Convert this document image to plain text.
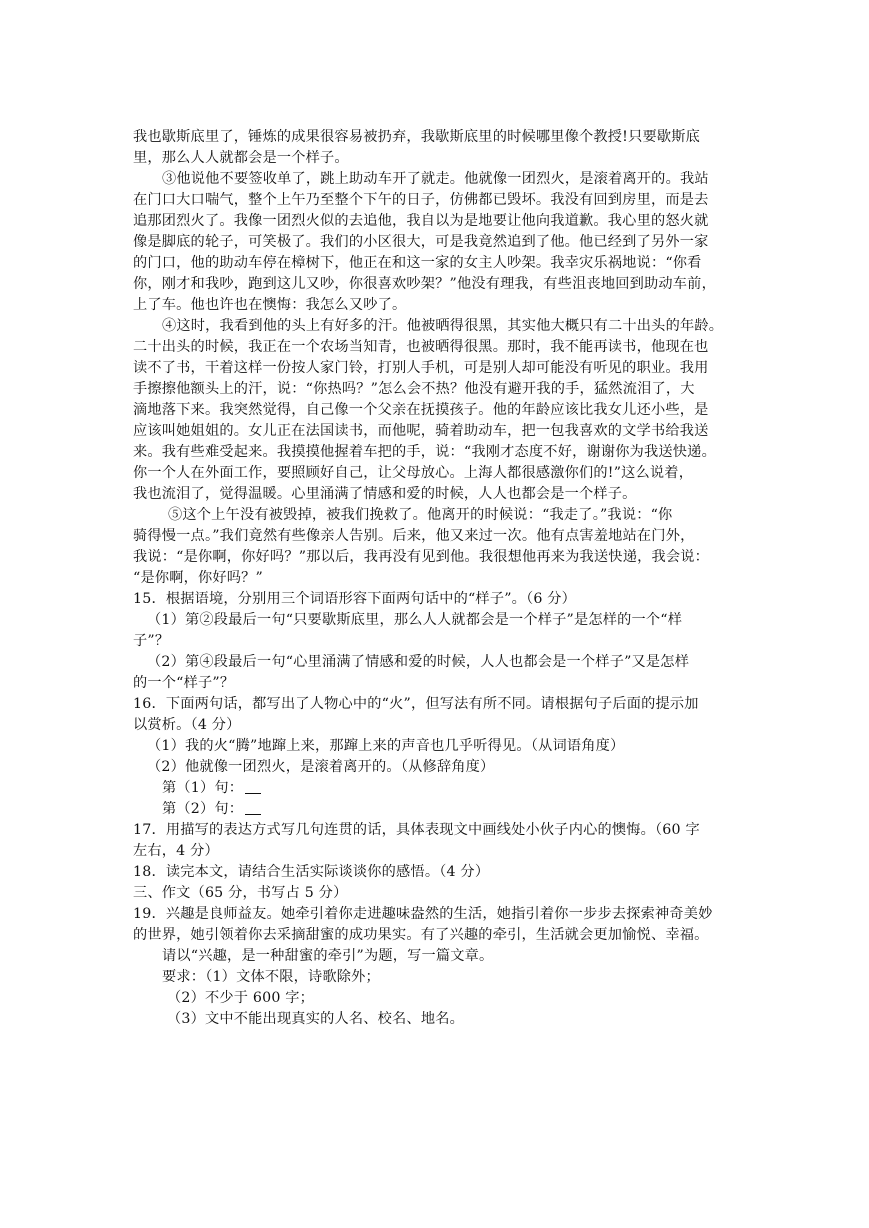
我也歇斯底里了，锤炼的成果很容易被扔弃，我歇斯底里的时候哪里像个教授!只要歇斯底
里，那么人人就都会是一个样子。
③他说他不要签收单了，跳上助动车开了就走。他就像一团烈火，是滚着离开的。我站
在门口大口喘气，整个上午乃至整个下午的日子，仿佛都已毁坏。我没有回到房里，而是去
追那团烈火了。我像一团烈火似的去追他，我自以为是地要让他向我道歉。我心里的怒火就
像是脚底的轮子，可笑极了。我们的小区很大，可是我竟然追到了他。他已经到了另外一家
的门口，他的助动车停在樟树下，他正在和这一家的女主人吵架。我幸灾乐祸地说：“你看
你，刚才和我吵，跑到这儿又吵，你很喜欢吵架？”他没有理我，有些沮丧地回到助动车前，
上了车。他也许也在懊悔：我怎么又吵了。
④这时，我看到他的头上有好多的汗。他被晒得很黑，其实他大概只有二十出头的年龄。
二十出头的时候，我正在一个农场当知青，也被晒得很黑。那时，我不能再读书，他现在也
读不了书，干着这样一份按人家门铃，打别人手机，可是别人却可能没有听见的职业。我用
手擦擦他额头上的汗，说：“你热吗？”怎么会不热？他没有避开我的手，猛然流泪了，大
滴地落下来。我突然觉得，自己像一个父亲在抚摸孩子。他的年龄应该比我女儿还小些，是
应该叫她姐姐的。女儿正在法国读书，而他呢，骑着助动车，把一包我喜欢的文学书给我送
来。我有些难受起来。我摸摸他握着车把的手，说：“我刚才态度不好，谢谢你为我送快递。
你一个人在外面工作，要照顾好自己，让父母放心。上海人都很感激你们的!”这么说着，
我也流泪了，觉得温暖。心里涌满了情感和爱的时候，人人也都会是一个样子。
⑤这个上午没有被毁掉，被我们挽救了。他离开的时候说：“我走了。”我说：“你
骑得慢一点。”我们竟然有些像亲人告别。后来，他又来过一次。他有点害羞地站在门外，
我说：“是你啊，你好吗？”那以后，我再没有见到他。我很想他再来为我送快递，我会说：
“是你啊，你好吗？”
15．根据语境，分别用三个词语形容下面两句话中的“样子”。（6 分）
（1）第②段最后一句“只要歇斯底里，那么人人就都会是一个样子”是怎样的一个“样
子”？
（2）第④段最后一句“心里涌满了情感和爱的时候，人人也都会是一个样子”又是怎样
的一个“样子”？
16．下面两句话，都写出了人物心中的“火”，但写法有所不同。请根据句子后面的提示加
以赏析。（4 分）
（1）我的火“腾”地蹿上来，那蹿上来的声音也几乎听得见。（从词语角度）
（2）他就像一团烈火，是滚着离开的。（从修辞角度）
第（1）句：
第（2）句：
17．用描写的表达方式写几句连贯的话，具体表现文中画线处小伙子内心的懊悔。（60 字
左右，4 分）
18．读完本文，请结合生活实际谈谈你的感悟。（4 分）
三、作文（65 分，书写占 5 分）
19．兴趣是良师益友。她牵引着你走进趣味盎然的生活，她指引着你一步步去探索神奇美妙
的世界，她引领着你去采摘甜蜜的成功果实。有了兴趣的牵引，生活就会更加愉悦、幸福。
请以“兴趣，是一种甜蜜的牵引”为题，写一篇文章。
要求：（1）文体不限，诗歌除外；
（2）不少于 600 字；
（3）文中不能出现真实的人名、校名、地名。
